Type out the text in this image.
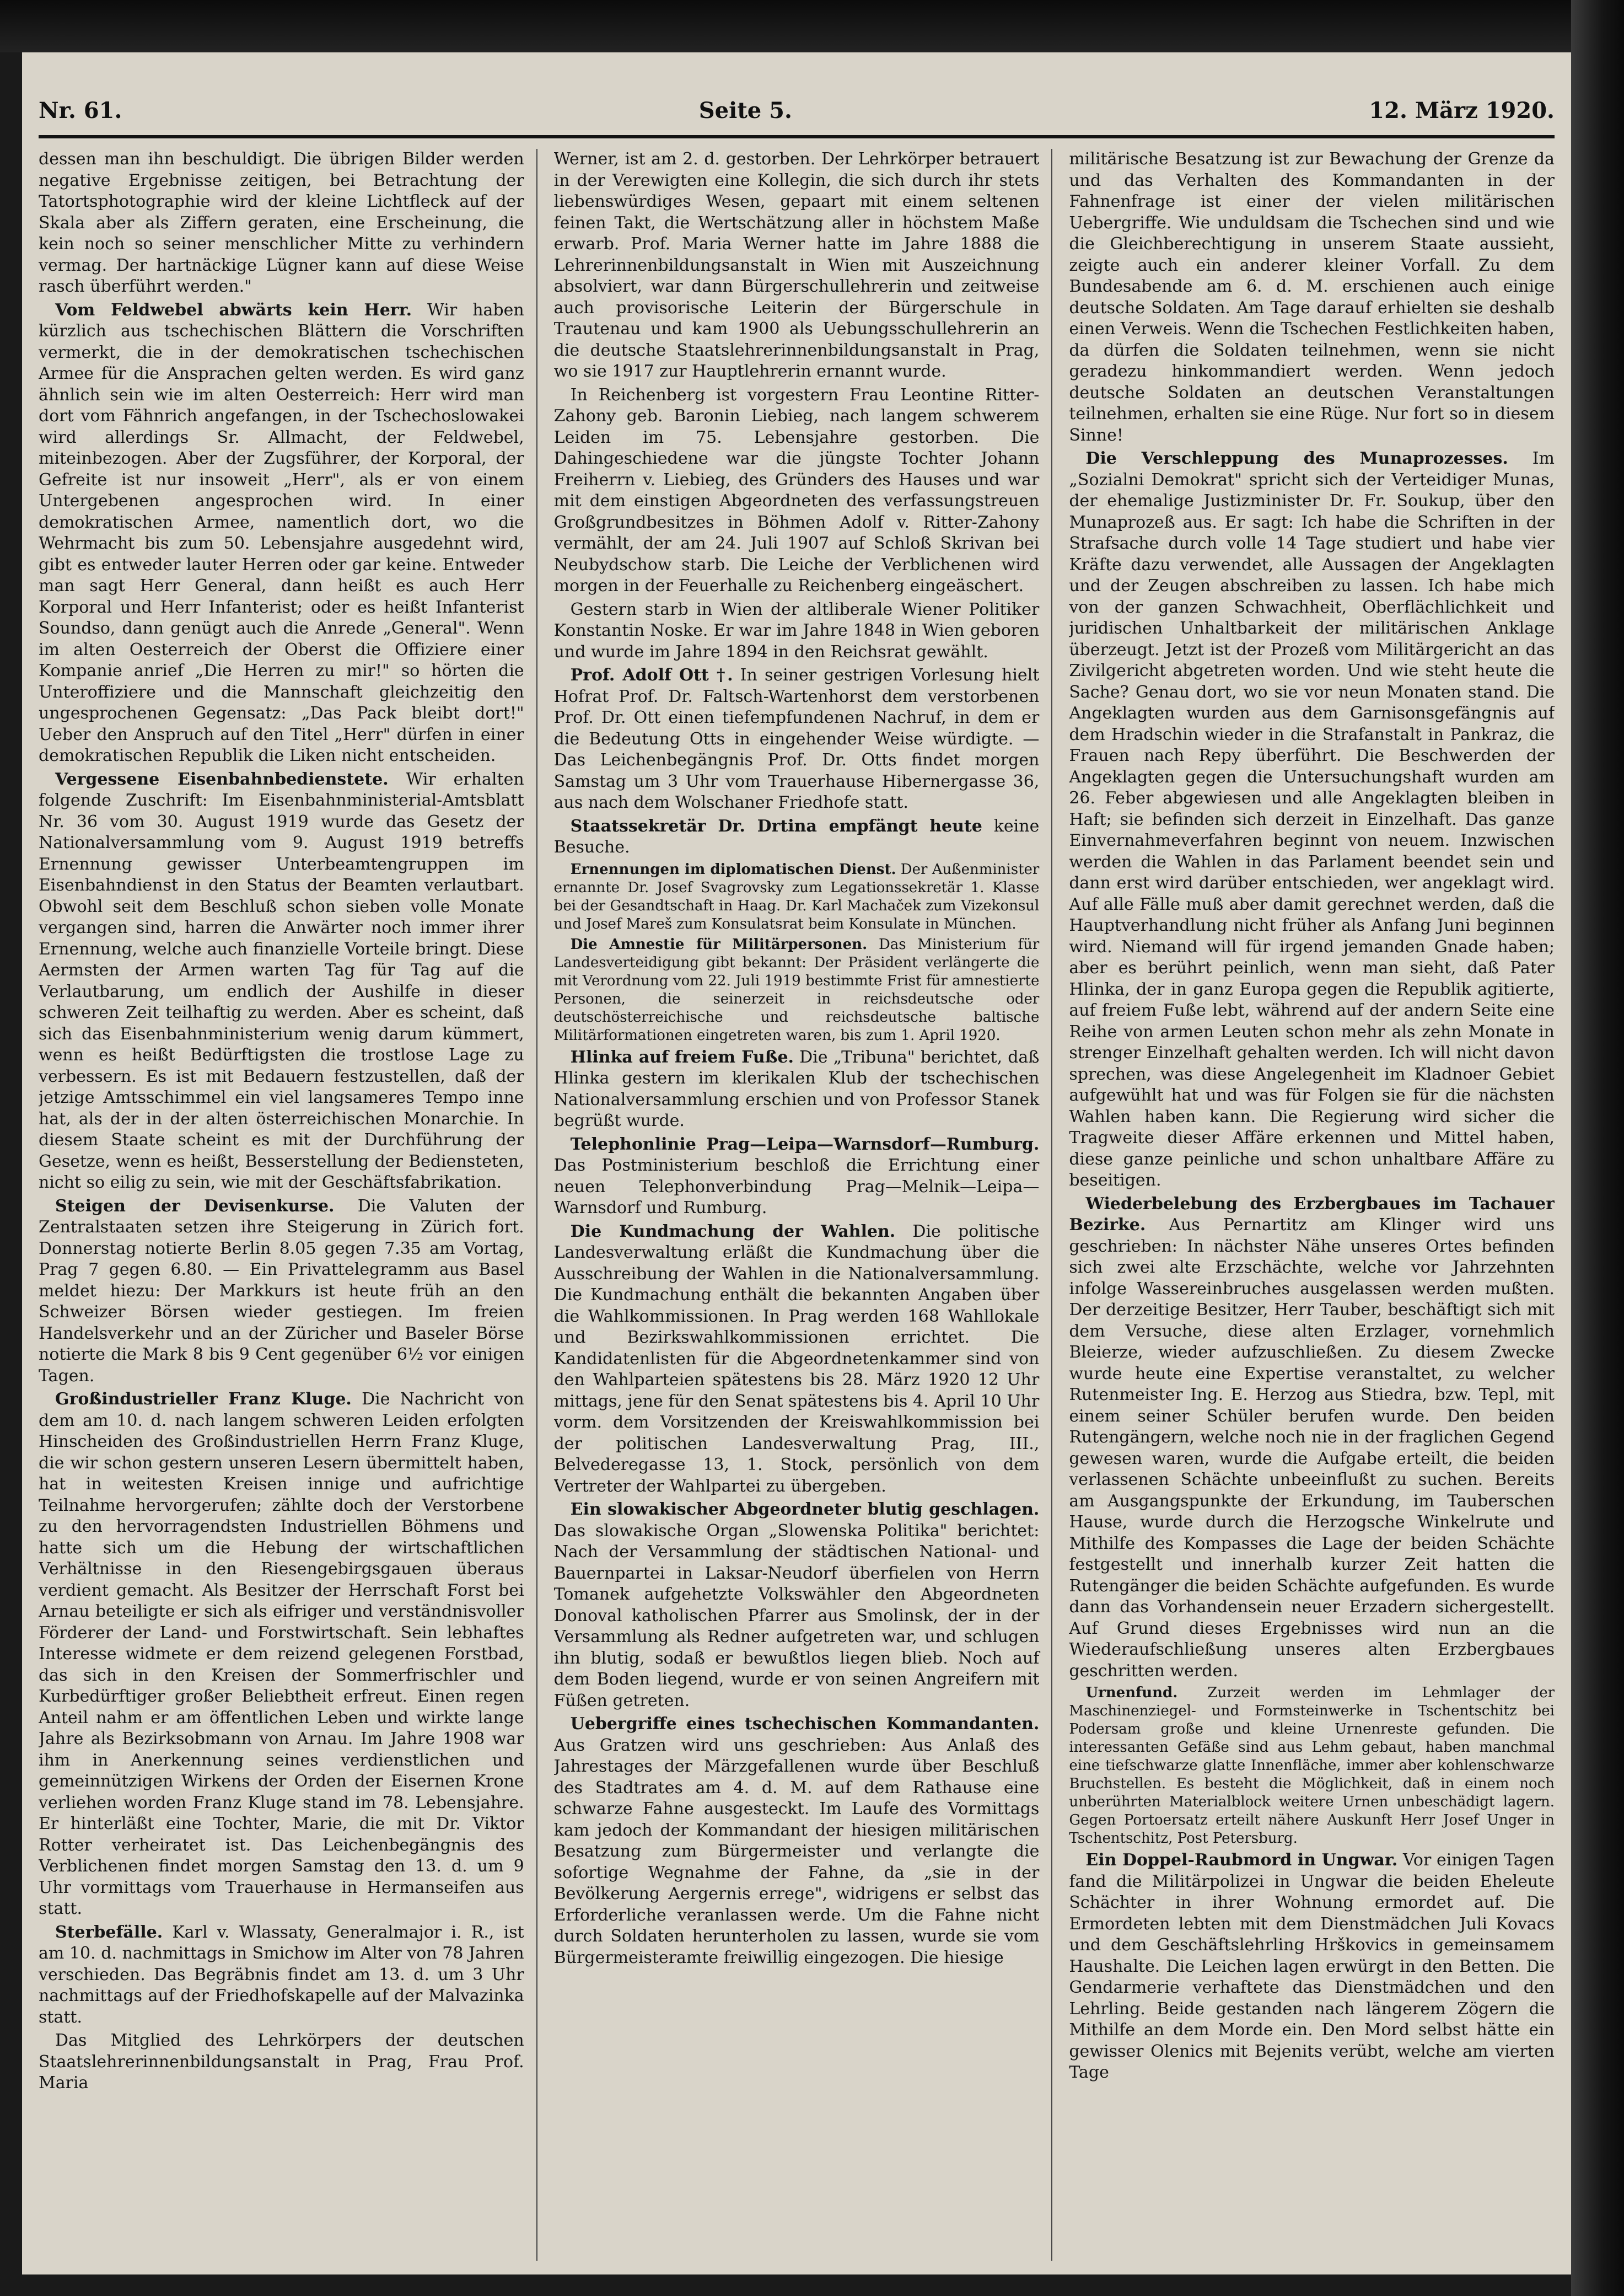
Nr. 61.	Seite 5.	12. März 1920.

dessen man ihn beschuldigt. Die übrigen Bilder werden negative Ergebnisse zeitigen, bei Betrachtung der Tatortsphotographie wird der kleine Lichtfleck auf der Skala aber als Ziffern geraten, eine Erscheinung, die kein noch so seiner menschlicher Mitte zu verhindern vermag. Der hartnäckige Lügner kann auf diese Weise rasch überführt werden."

Vom Feldwebel abwärts kein Herr. Wir haben kürzlich aus tschechischen Blättern die Vorschriften vermerkt, die in der demokratischen tschechischen Armee für die Ansprachen gelten werden. Es wird ganz ähnlich sein wie im alten Oesterreich: Herr wird man dort vom Fähnrich angefangen, in der Tschechoslowakei wird allerdings Sr. Allmacht, der Feldwebel, miteinbezogen. Aber der Zugsführer, der Korporal, der Gefreite ist nur insoweit „Herr", als er von einem Untergebenen angesprochen wird. In einer demokratischen Armee, namentlich dort, wo die Wehrmacht bis zum 50. Lebensjahre ausgedehnt wird, gibt es entweder lauter Herren oder gar keine. Entweder man sagt Herr General, dann heißt es auch Herr Korporal und Herr Infanterist; oder es heißt Infanterist Soundso, dann genügt auch die Anrede „General". Wenn im alten Oesterreich der Oberst die Offiziere einer Kompanie anrief „Die Herren zu mir!" so hörten die Unteroffiziere und die Mannschaft gleichzeitig den ungesprochenen Gegensatz: „Das Pack bleibt dort!" Ueber den Anspruch auf den Titel „Herr" dürfen in einer demokratischen Republik die Liken nicht entscheiden.

Vergessene Eisenbahnbedienstete. Wir erhalten folgende Zuschrift: Im Eisenbahnministerial-Amtsblatt Nr. 36 vom 30. August 1919 wurde das Gesetz der Nationalversammlung vom 9. August 1919 betreffs Ernennung gewisser Unterbeamtengruppen im Eisenbahndienst in den Status der Beamten verlautbart. Obwohl seit dem Beschluß schon sieben volle Monate vergangen sind, harren die Anwärter noch immer ihrer Ernennung, welche auch finanzielle Vorteile bringt. Diese Aermsten der Armen warten Tag für Tag auf die Verlautbarung, um endlich der Aushilfe in dieser schweren Zeit teilhaftig zu werden. Aber es scheint, daß sich das Eisenbahnministerium wenig darum kümmert, wenn es heißt Bedürftigsten die trostlose Lage zu verbessern. Es ist mit Bedauern festzustellen, daß der jetzige Amtsschimmel ein viel langsameres Tempo inne hat, als der in der alten österreichischen Monarchie. In diesem Staate scheint es mit der Durchführung der Gesetze, wenn es heißt, Besserstellung der Bediensteten, nicht so eilig zu sein, wie mit der Geschäftsfabrikation.

Steigen der Devisenkurse. Die Valuten der Zentralstaaten setzen ihre Steigerung in Zürich fort. Donnerstag notierte Berlin 8.05 gegen 7.35 am Vortag, Prag 7 gegen 6.80. — Ein Privattelegramm aus Basel meldet hiezu: Der Markkurs ist heute früh an den Schweizer Börsen wieder gestiegen. Im freien Handelsverkehr und an der Züricher und Baseler Börse notierte die Mark 8 bis 9 Cent gegenüber 6½ vor einigen Tagen.

Großindustrieller Franz Kluge. Die Nachricht von dem am 10. d. nach langem schweren Leiden erfolgten Hinscheiden des Großindustriellen Herrn Franz Kluge, die wir schon gestern unseren Lesern übermittelt haben, hat in weitesten Kreisen innige und aufrichtige Teilnahme hervorgerufen; zählte doch der Verstorbene zu den hervorragendsten Industriellen Böhmens und hatte sich um die Hebung der wirtschaftlichen Verhältnisse in den Riesengebirgsgauen überaus verdient gemacht. Als Besitzer der Herrschaft Forst bei Arnau beteiligte er sich als eifriger und verständnisvoller Förderer der Land- und Forstwirtschaft. Sein lebhaftes Interesse widmete er dem reizend gelegenen Forstbad, das sich in den Kreisen der Sommerfrischler und Kurbedürftiger großer Beliebtheit erfreut. Einen regen Anteil nahm er am öffentlichen Leben und wirkte lange Jahre als Bezirksobmann von Arnau. Im Jahre 1908 war ihm in Anerkennung seines verdienstlichen und gemeinnützigen Wirkens der Orden der Eisernen Krone verliehen worden Franz Kluge stand im 78. Lebensjahre. Er hinterläßt eine Tochter, Marie, die mit Dr. Viktor Rotter verheiratet ist. Das Leichenbegängnis des Verblichenen findet morgen Samstag den 13. d. um 9 Uhr vormittags vom Trauerhause in Hermanseifen aus statt.

Sterbefälle. Karl v. Wlassaty, Generalmajor i. R., ist am 10. d. nachmittags in Smichow im Alter von 78 Jahren verschieden. Das Begräbnis findet am 13. d. um 3 Uhr nachmittags auf der Friedhofskapelle auf der Malvazinka statt.

Das Mitglied des Lehrkörpers der deutschen Staatslehrerinnenbildungsanstalt in Prag, Frau Prof. Maria

Werner, ist am 2. d. gestorben. Der Lehrkörper betrauert in der Verewigten eine Kollegin, die sich durch ihr stets liebenswürdiges Wesen, gepaart mit einem seltenen feinen Takt, die Wertschätzung aller in höchstem Maße erwarb. Prof. Maria Werner hatte im Jahre 1888 die Lehrerinnenbildungsanstalt in Wien mit Auszeichnung absolviert, war dann Bürgerschullehrerin und zeitweise auch provisorische Leiterin der Bürgerschule in Trautenau und kam 1900 als Uebungsschullehrerin an die deutsche Staatslehrerinnenbildungsanstalt in Prag, wo sie 1917 zur Hauptlehrerin ernannt wurde.

In Reichenberg ist vorgestern Frau Leontine Ritter-Zahony geb. Baronin Liebieg, nach langem schwerem Leiden im 75. Lebensjahre gestorben. Die Dahingeschiedene war die jüngste Tochter Johann Freiherrn v. Liebieg, des Gründers des Hauses und war mit dem einstigen Abgeordneten des verfassungstreuen Großgrundbesitzes in Böhmen Adolf v. Ritter-Zahony vermählt, der am 24. Juli 1907 auf Schloß Skrivan bei Neubydschow starb. Die Leiche der Verblichenen wird morgen in der Feuerhalle zu Reichenberg eingeäschert.

Gestern starb in Wien der altliberale Wiener Politiker Konstantin Noske. Er war im Jahre 1848 in Wien geboren und wurde im Jahre 1894 in den Reichsrat gewählt.

Prof. Adolf Ott †. In seiner gestrigen Vorlesung hielt Hofrat Prof. Dr. Faltsch-Wartenhorst dem verstorbenen Prof. Dr. Ott einen tiefempfundenen Nachruf, in dem er die Bedeutung Otts in eingehender Weise würdigte. — Das Leichenbegängnis Prof. Dr. Otts findet morgen Samstag um 3 Uhr vom Trauerhause Hibernergasse 36, aus nach dem Wolschaner Friedhofe statt.

Staatssekretär Dr. Drtina empfängt heute keine Besuche.

Ernennungen im diplomatischen Dienst. Der Außenminister ernannte Dr. Josef Svagrovsky zum Legationssekretär 1. Klasse bei der Gesandtschaft in Haag. Dr. Karl Machaček zum Vizekonsul und Josef Mareš zum Konsulatsrat beim Konsulate in München.

Die Amnestie für Militärpersonen. Das Ministerium für Landesverteidigung gibt bekannt: Der Präsident verlängerte die mit Verordnung vom 22. Juli 1919 bestimmte Frist für amnestierte Personen, die seinerzeit in reichsdeutsche oder deutschösterreichische und reichsdeutsche baltische Militärformationen eingetreten waren, bis zum 1. April 1920.

Hlinka auf freiem Fuße. Die „Tribuna" berichtet, daß Hlinka gestern im klerikalen Klub der tschechischen Nationalversammlung erschien und von Professor Stanek begrüßt wurde.

Telephonlinie Prag—Leipa—Warnsdorf—Rumburg. Das Postministerium beschloß die Errichtung einer neuen Telephonverbindung Prag—Melnik—Leipa—Warnsdorf und Rumburg.

Die Kundmachung der Wahlen. Die politische Landesverwaltung erläßt die Kundmachung über die Ausschreibung der Wahlen in die Nationalversammlung. Die Kundmachung enthält die bekannten Angaben über die Wahlkommissionen. In Prag werden 168 Wahllokale und Bezirkswahlkommissionen errichtet. Die Kandidatenlisten für die Abgeordnetenkammer sind von den Wahlparteien spätestens bis 28. März 1920 12 Uhr mittags, jene für den Senat spätestens bis 4. April 10 Uhr vorm. dem Vorsitzenden der Kreiswahlkommission bei der politischen Landesverwaltung Prag, III., Belvederegasse 13, 1. Stock, persönlich von dem Vertreter der Wahlpartei zu übergeben.

Ein slowakischer Abgeordneter blutig geschlagen. Das slowakische Organ „Slowenska Politika" berichtet: Nach der Versammlung der städtischen National- und Bauernpartei in Laksar-Neudorf überfielen von Herrn Tomanek aufgehetzte Volkswähler den Abgeordneten Donoval katholischen Pfarrer aus Smolinsk, der in der Versammlung als Redner aufgetreten war, und schlugen ihn blutig, sodaß er bewußtlos liegen blieb. Noch auf dem Boden liegend, wurde er von seinen Angreifern mit Füßen getreten.

Uebergriffe eines tschechischen Kommandanten. Aus Gratzen wird uns geschrieben: Aus Anlaß des Jahrestages der Märzgefallenen wurde über Beschluß des Stadtrates am 4. d. M. auf dem Rathause eine schwarze Fahne ausgesteckt. Im Laufe des Vormittags kam jedoch der Kommandant der hiesigen militärischen Besatzung zum Bürgermeister und verlangte die sofortige Wegnahme der Fahne, da „sie in der Bevölkerung Aergernis errege", widrigens er selbst das Erforderliche veranlassen werde. Um die Fahne nicht durch Soldaten herunterholen zu lassen, wurde sie vom Bürgermeisteramte freiwillig eingezogen. Die hiesige

militärische Besatzung ist zur Bewachung der Grenze da und das Verhalten des Kommandanten in der Fahnenfrage ist einer der vielen militärischen Uebergriffe. Wie unduldsam die Tschechen sind und wie die Gleichberechtigung in unserem Staate aussieht, zeigte auch ein anderer kleiner Vorfall. Zu dem Bundesabende am 6. d. M. erschienen auch einige deutsche Soldaten. Am Tage darauf erhielten sie deshalb einen Verweis. Wenn die Tschechen Festlichkeiten haben, da dürfen die Soldaten teilnehmen, wenn sie nicht geradezu hinkommandiert werden. Wenn jedoch deutsche Soldaten an deutschen Veranstaltungen teilnehmen, erhalten sie eine Rüge. Nur fort so in diesem Sinne!

Die Verschleppung des Munaprozesses. Im „Sozialni Demokrat" spricht sich der Verteidiger Munas, der ehemalige Justizminister Dr. Fr. Soukup, über den Munaprozeß aus. Er sagt: Ich habe die Schriften in der Strafsache durch volle 14 Tage studiert und habe vier Kräfte dazu verwendet, alle Aussagen der Angeklagten und der Zeugen abschreiben zu lassen. Ich habe mich von der ganzen Schwachheit, Oberflächlichkeit und juridischen Unhaltbarkeit der militärischen Anklage überzeugt. Jetzt ist der Prozeß vom Militärgericht an das Zivilgericht abgetreten worden. Und wie steht heute die Sache? Genau dort, wo sie vor neun Monaten stand. Die Angeklagten wurden aus dem Garnisonsgefängnis auf dem Hradschin wieder in die Strafanstalt in Pankraz, die Frauen nach Repy überführt. Die Beschwerden der Angeklagten gegen die Untersuchungshaft wurden am 26. Feber abgewiesen und alle Angeklagten bleiben in Haft; sie befinden sich derzeit in Einzelhaft. Das ganze Einvernahmeverfahren beginnt von neuem. Inzwischen werden die Wahlen in das Parlament beendet sein und dann erst wird darüber entschieden, wer angeklagt wird. Auf alle Fälle muß aber damit gerechnet werden, daß die Hauptverhandlung nicht früher als Anfang Juni beginnen wird. Niemand will für irgend jemanden Gnade haben; aber es berührt peinlich, wenn man sieht, daß Pater Hlinka, der in ganz Europa gegen die Republik agitierte, auf freiem Fuße lebt, während auf der andern Seite eine Reihe von armen Leuten schon mehr als zehn Monate in strenger Einzelhaft gehalten werden. Ich will nicht davon sprechen, was diese Angelegenheit im Kladnoer Gebiet aufgewühlt hat und was für Folgen sie für die nächsten Wahlen haben kann. Die Regierung wird sicher die Tragweite dieser Affäre erkennen und Mittel haben, diese ganze peinliche und schon unhaltbare Affäre zu beseitigen.

Wiederbelebung des Erzbergbaues im Tachauer Bezirke. Aus Pernartitz am Klinger wird uns geschrieben: In nächster Nähe unseres Ortes befinden sich zwei alte Erzschächte, welche vor Jahrzehnten infolge Wassereinbruches ausgelassen werden mußten. Der derzeitige Besitzer, Herr Tauber, beschäftigt sich mit dem Versuche, diese alten Erzlager, vornehmlich Bleierze, wieder aufzuschließen. Zu diesem Zwecke wurde heute eine Expertise veranstaltet, zu welcher Rutenmeister Ing. E. Herzog aus Stiedra, bzw. Tepl, mit einem seiner Schüler berufen wurde. Den beiden Rutengängern, welche noch nie in der fraglichen Gegend gewesen waren, wurde die Aufgabe erteilt, die beiden verlassenen Schächte unbeeinflußt zu suchen. Bereits am Ausgangspunkte der Erkundung, im Tauberschen Hause, wurde durch die Herzogsche Winkelrute und Mithilfe des Kompasses die Lage der beiden Schächte festgestellt und innerhalb kurzer Zeit hatten die Rutengänger die beiden Schächte aufgefunden. Es wurde dann das Vorhandensein neuer Erzadern sichergestellt. Auf Grund dieses Ergebnisses wird nun an die Wiederaufschließung unseres alten Erzbergbaues geschritten werden.

Urnenfund. Zurzeit werden im Lehmlager der Maschinenziegel- und Formsteinwerke in Tschentschitz bei Podersam große und kleine Urnenreste gefunden. Die interessanten Gefäße sind aus Lehm gebaut, haben manchmal eine tiefschwarze glatte Innenfläche, immer aber kohlenschwarze Bruchstellen. Es besteht die Möglichkeit, daß in einem noch unberührten Materialblock weitere Urnen unbeschädigt lagern. Gegen Portoersatz erteilt nähere Auskunft Herr Josef Unger in Tschentschitz, Post Petersburg.

Ein Doppel-Raubmord in Ungwar. Vor einigen Tagen fand die Militärpolizei in Ungwar die beiden Eheleute Schächter in ihrer Wohnung ermordet auf. Die Ermordeten lebten mit dem Dienstmädchen Juli Kovacs und dem Geschäftslehrling Hrškovics in gemeinsamem Haushalte. Die Leichen lagen erwürgt in den Betten. Die Gendarmerie verhaftete das Dienstmädchen und den Lehrling. Beide gestanden nach längerem Zögern die Mithilfe an dem Morde ein. Den Mord selbst hätte ein gewisser Olenics mit Bejenits verübt, welche am vierten Tage
